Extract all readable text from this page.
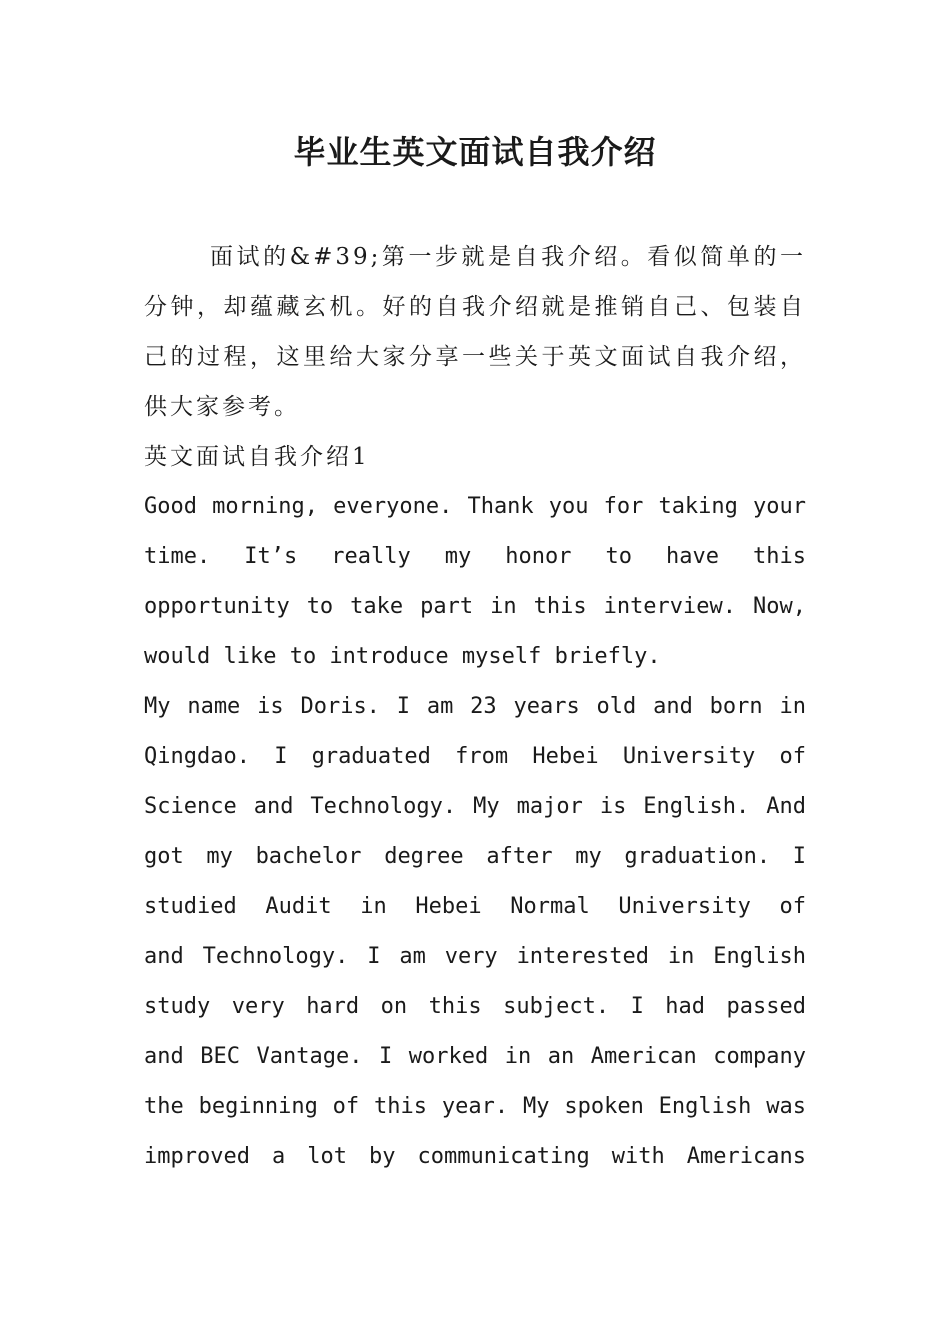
毕业生英文面试自我介绍

面试的&#39;第一步就是自我介绍。看似简单的一分钟，却蕴藏玄机。好的自我介绍就是推销自己、包装自己的过程，这里给大家分享一些关于英文面试自我介绍，供大家参考。

英文面试自我介绍1

Good morning, everyone. Thank you for taking your
time. It’s really my honor to have this
opportunity to take part in this interview. Now,
would like to introduce myself briefly.
My name is Doris. I am 23 years old and born in
Qingdao. I graduated from Hebei University of
Science and Technology. My major is English. And
got my bachelor degree after my graduation. I
studied Audit in Hebei Normal University of
and Technology. I am very interested in English
study very hard on this subject. I had passed
and BEC Vantage. I worked in an American company
the beginning of this year. My spoken English was
improved a lot by communicating with Americans
